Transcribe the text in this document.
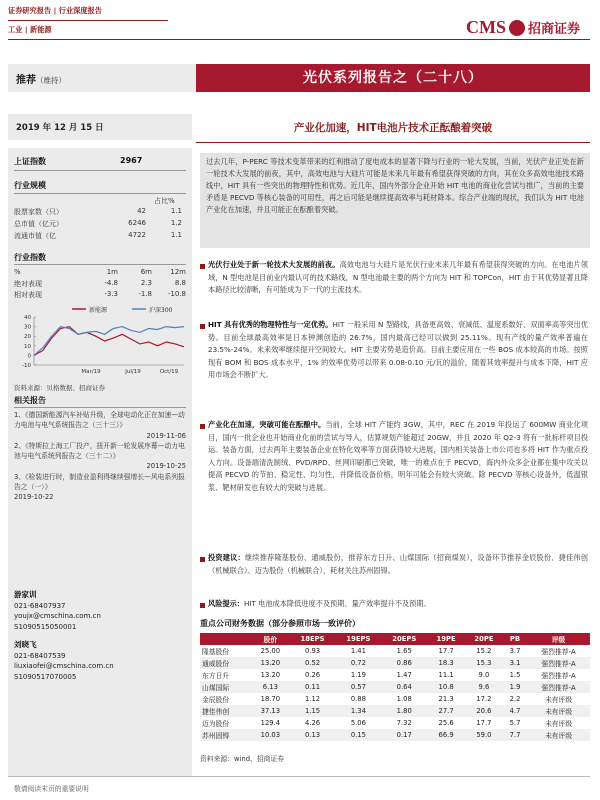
证券研究报告 | 行业深度报告
工业 | 新能源	CMS 招商证券
推荐（维持）	光伏系列报告之（二十八）
2019 年 12 月 15 日	产业化加速，HIT电池片技术正酝酿着突破
上证指数	2967
行业规模
占比%
股票家数（只）	42	1.1
总市值（亿元）	6246	1.2
流通市值（亿	4722	1.1
行业指数
%	1m	6m	12m
绝对表现	-4.8	2.3	8.8
相对表现	-3.3	-1.8	-10.8
新能源	沪深300
40
30
20
10
0
-10
Mar/19	Jul/19	Oct/19
资料来源：贝格数据、招商证券
相关报告
1、《德国新能源汽车补贴升级，全球电动化正在加速—动力电池与电气系统报告之（三十三）》
2019-11-06
2、《特斯拉上海工厂投产，扭开新一轮发展序幕—动力电池与电气系统列报告之（三十二）》
2019-10-25
3、《检装进行时，制造业盈利得继续强增长—风电系列报告之（一）》
2019-10-22
游家训
021-68407937
youjx@cmschina.com.cn
S1090515050001
刘晓飞
021-68407539
liuxiaofei@cmschina.com.cn
S1090517070005
过去几年，P-PERC 等技术变革带来的红利推动了度电成本的显著下降与行业的一轮大发展，当前，光伏产业正处在新一轮技术大发展的前夜，其中，高效电池与大硅片可能是未来几年最有希望获得突破的方向，其在众多高效电池技术路线中，HIT 具有一些突出的物理特性和优势。近几年，国内外部分企业开始 HIT 电池的商业化尝试与推广，当前的主要矛盾是 PECVD 等核心装备的可用性，再之后可能是继续提高效率与耗材降本。综合产业端的现状，我们认为 HIT 电池产业化在加速，并且可能正在酝酿着突破。
光伏行业处于新一轮技术大发展的前夜。高效电池与大硅片是光伏行业未来几年最有希望获得突破的方向。在电池片领域，N 型电池是目前业内最认可的技术路线，N 型电池最主要的两个方向为 HIT 和 TOPCon，HIT 由于其优势显著且降本路径比较清晰，有可能成为下一代的主流技术。
HIT 具有优秀的物理特性与一定优势。HIT 一般采用 N 型路线，具备更高效、衰减低、温度系数好、双面率高等突出优势。目前全球最高效率是日本钟渊创造的 26.7%，国内最高已经可以做到 25.11%。现有产线的量产效率普遍在 23.5%-24%。未来效率继续提升空间较大。HIT 主要劣势是造价高。目前主要应用在一些 BOS 成本较高的市场。按照现有 BOM 和 BOS 成本水平，1% 的效率优势可以带来 0.08-0.10 元/瓦的溢价，随着其效率提升与成本下降，HIT 应用市场会不断扩大。
产业化在加速，突破可能在酝酿中。当前，全球 HIT 产能约 3GW，其中，REC 在 2019 年投运了 600MW 商业化项目，国内一批企业也开始商业化前的尝试与导入，估算规划产能超过 20GW，并且 2020 年 Q2-3 将有一批标杆项目投运。装备方面，过去两年主要装备企业在特化效率等方面获得较大进展，国内相关装备上市公司也多将 HIT 作为重点投入方向。设备端清洗制绒、PVD/RPD、丝网印刷都已突破，唯一的难点在于 PECVD，海内外众多企业都在集中攻关以提高 PECVD 的节拍、稳定性、均匀性，并降低设备价格，明年可能会有较大突破。除 PECVD 等核心设备外，低温银浆、靶材研发也有较大的突破与进展。
投资建议：继续推荐隆基股份、通威股份，推荐东方日升、山煤国际（招商煤炭），设备环节推荐金辰股份、捷佳伟创（机械联合）、迈为股份（机械联合），耗材关注苏州固锝。
风险提示：HIT 电池成本降低进度不及预期、量产效率提升不及预期。
重点公司财务数据（部分参照市场一致评价）
	股价	18EPS	19EPS	20EPS	19PE	20PE	PB	评级
隆基股份	25.00	0.93	1.41	1.65	17.7	15.2	3.7	强烈推荐-A
通威股份	13.20	0.52	0.72	0.86	18.3	15.3	3.1	强烈推荐-A
东方日升	13.20	0.26	1.19	1.47	11.1	9.0	1.5	强烈推荐-A
山煤国际	6.13	0.11	0.57	0.64	10.8	9.6	1.9	强烈推荐-A
金辰股份	18.70	1.12	0.88	1.08	21.3	17.2	2.2	未有评级
捷佳伟创	37.13	1.15	1.34	1.80	27.7	20.6	4.7	未有评级
迈为股份	129.4	4.26	5.06	7.32	25.6	17.7	5.7	未有评级
苏州固锝	10.03	0.13	0.15	0.17	66.9	59.0	7.7	未有评级
资料来源：wind、招商证券
敬请阅读末页的重要说明
